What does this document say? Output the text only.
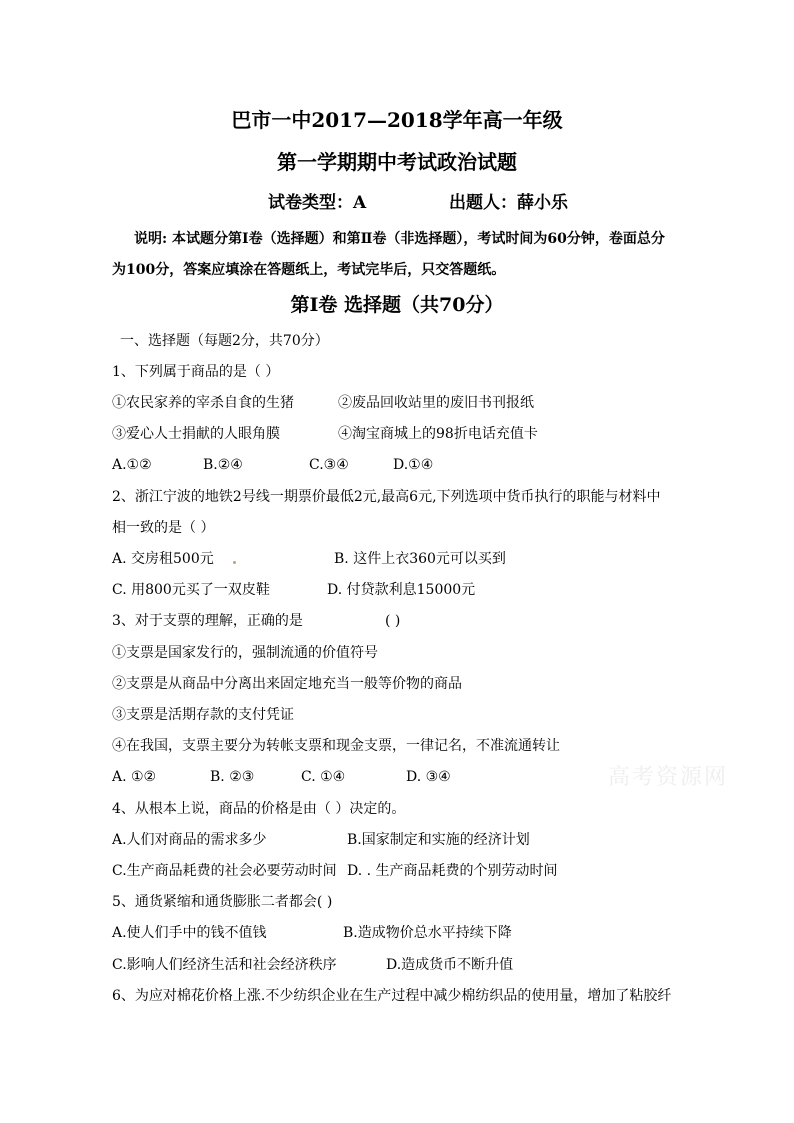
巴市一中2017—2018学年高一年级
第一学期期中考试政治试题
试卷类型：A	出题人：薛小乐
说明: 本试题分第Ⅰ卷（选择题）和第Ⅱ卷（非选择题），考试时间为60分钟，卷面总分
为100分，答案应填涂在答题纸上，考试完毕后，只交答题纸。
第Ⅰ卷 选择题（共70分）
一、选择题（每题2分，共70分）
1、下列属于商品的是（ ）
①农民家养的宰杀自食的生猪	②废品回收站里的废旧书刊报纸
③爱心人士捐献的人眼角膜	④淘宝商城上的98折电话充值卡
A.①②	B.②④	C.③④	D.①④
2、浙江宁波的地铁2号线一期票价最低2元,最高6元,下列选项中货币执行的职能与材料中
相一致的是（ ）
A. 交房租500元	B. 这件上衣360元可以买到
C. 用800元买了一双皮鞋	D. 付贷款利息15000元
3、对于支票的理解，正确的是	( )
①支票是国家发行的，强制流通的价值符号
②支票是从商品中分离出来固定地充当一般等价物的商品
③支票是活期存款的支付凭证
④在我国，支票主要分为转帐支票和现金支票，一律记名，不准流通转让
A. ①②	B. ②③	C. ①④	D. ③④	高考资源网
4、从根本上说，商品的价格是由（ ）决定的。
A.人们对商品的需求多少	B.国家制定和实施的经济计划
C.生产商品耗费的社会必要劳动时间 D. . 生产商品耗费的个别劳动时间
5、通货紧缩和通货膨胀二者都会( )
A.使人们手中的钱不值钱	B.造成物价总水平持续下降
C.影响人们经济生活和社会经济秩序	D.造成货币不断升值
6、为应对棉花价格上涨.不少纺织企业在生产过程中减少棉纺织品的使用量，增加了粘胶纤
